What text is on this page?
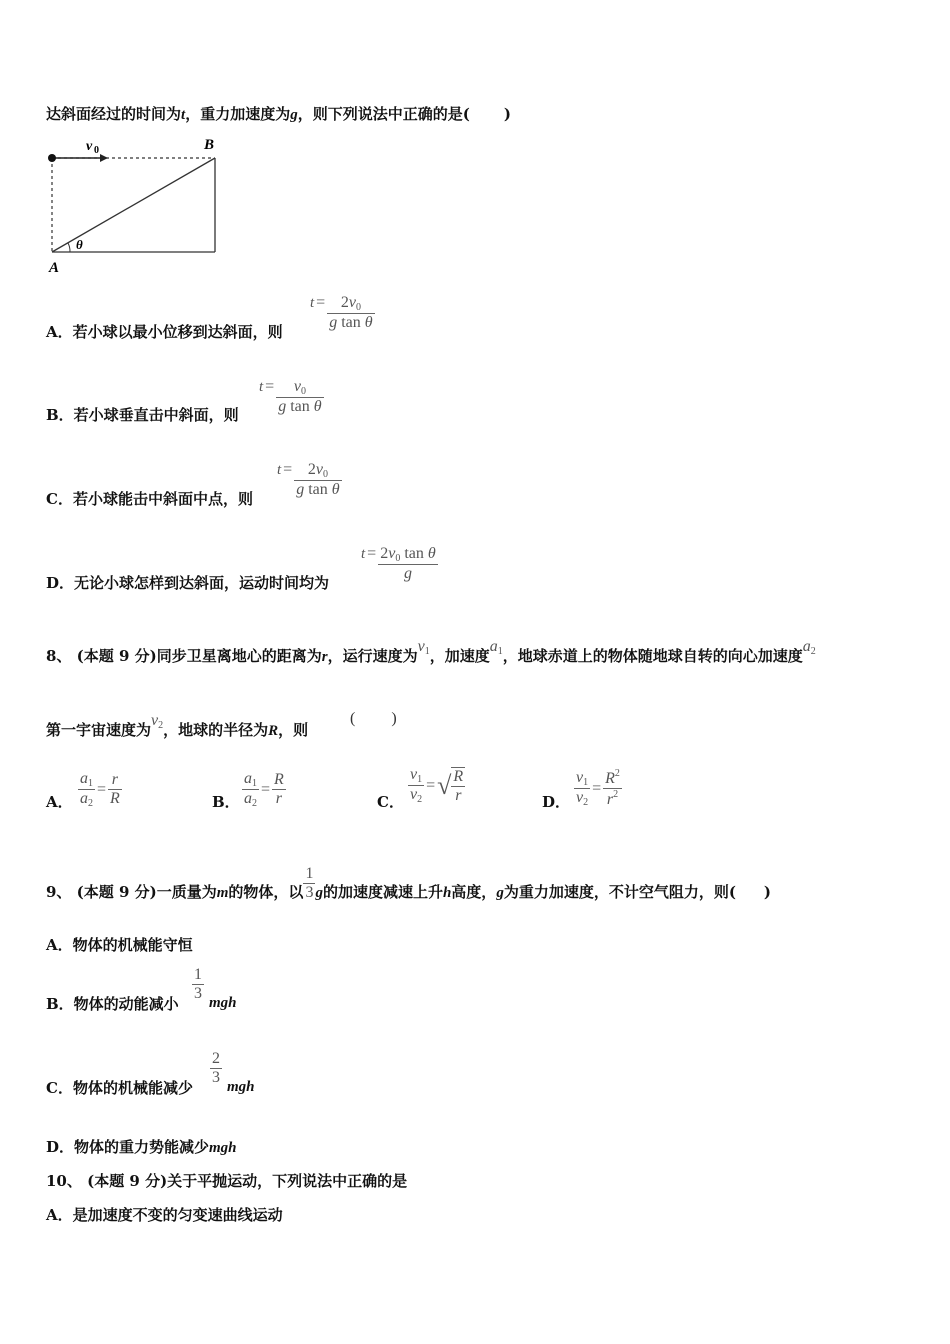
达斜面经过的时间为t，重力加速度为g，则下列说法中正确的是( )
v 0	B
A
θ
A．若小球以最小位移到达斜面，则
$t = \frac{2v_0}{\text{g tan θ}}$
B．若小球垂直击中斜面，则
$t = \frac{v_0}{\text{g tan θ}}$
C．若小球能击中斜面中点，则
$t = \frac{2v_0}{\text{g tan θ}}$
D．无论小球怎样到达斜面，运动时间均为
$t = \frac{2v_0 \tan \theta}{g}$
8、 (本题 9 分)同步卫星离地心的距离为r，运行速度为$v_1$，加速度$a_1$，地球赤道上的物体随地球自转的向心加速度$a_2$
第一宇宙速度为$v_2$，地球的半径为R，则
(         )
A． $\frac{a_1}{a_2} = \frac{r}{R}$	B． $\frac{a_1}{a_2} = \frac{R}{r}$	C． $\frac{v_1}{v_2}$ =√ $\frac{R}{r}$	D． $\frac{v_1}{v_2} = \frac{R^2}{r^2}$
9、 (本题 9 分)一质量为m的物体，以 $\frac{1}{3}$ g的加速度减速上升h高度，g为重力加速度，不计空气阻力，则( )
A．物体的机械能守恒
B．物体的动能减小
$\frac{1}{3}$ mgh
C．物体的机械能减少
$\frac{2}{3}$ mgh
D．物体的重力势能减少mgh
10、 (本题 9 分)关于平抛运动，下列说法中正确的是
A．是加速度不变的匀变速曲线运动
